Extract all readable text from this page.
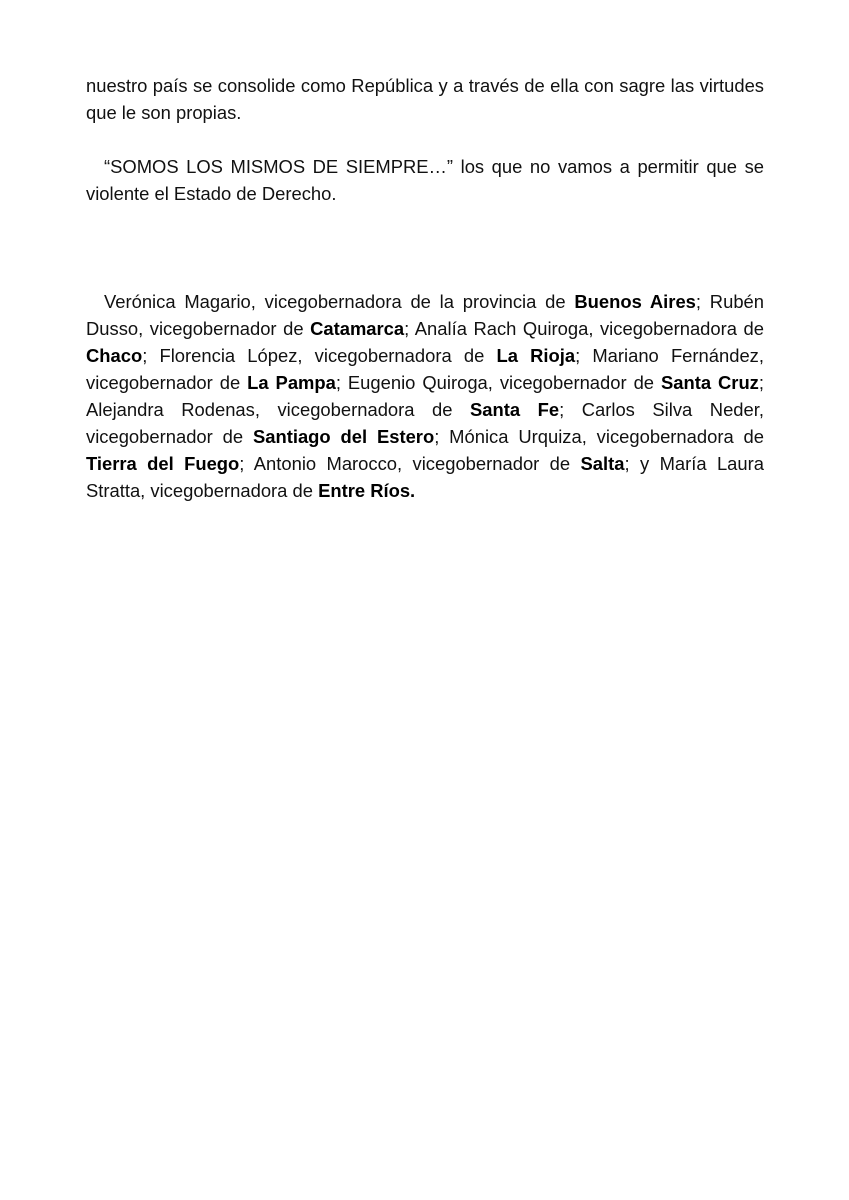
nuestro país se consolide como República y a través de ella con sagre las virtudes que le son propias.

“SOMOS LOS MISMOS DE SIEMPRE…” los que no vamos a permitir que se violente el Estado de Derecho.

Verónica Magario, vicegobernadora de la provincia de Buenos Aires; Rubén Dusso, vicegobernador de Catamarca; Analía Rach Quiroga, vicegobernadora de Chaco; Florencia López, vicegobernadora de La Rioja; Mariano Fernández, vicegobernador de La Pampa; Eugenio Quiroga, vicegobernador de Santa Cruz; Alejandra Rodenas, vicegobernadora de Santa Fe; Carlos Silva Neder, vicegobernador de Santiago del Estero; Mónica Urquiza, vicegobernadora de Tierra del Fuego; Antonio Marocco, vicegobernador de Salta; y María Laura Stratta, vicegobernadora de Entre Ríos.
